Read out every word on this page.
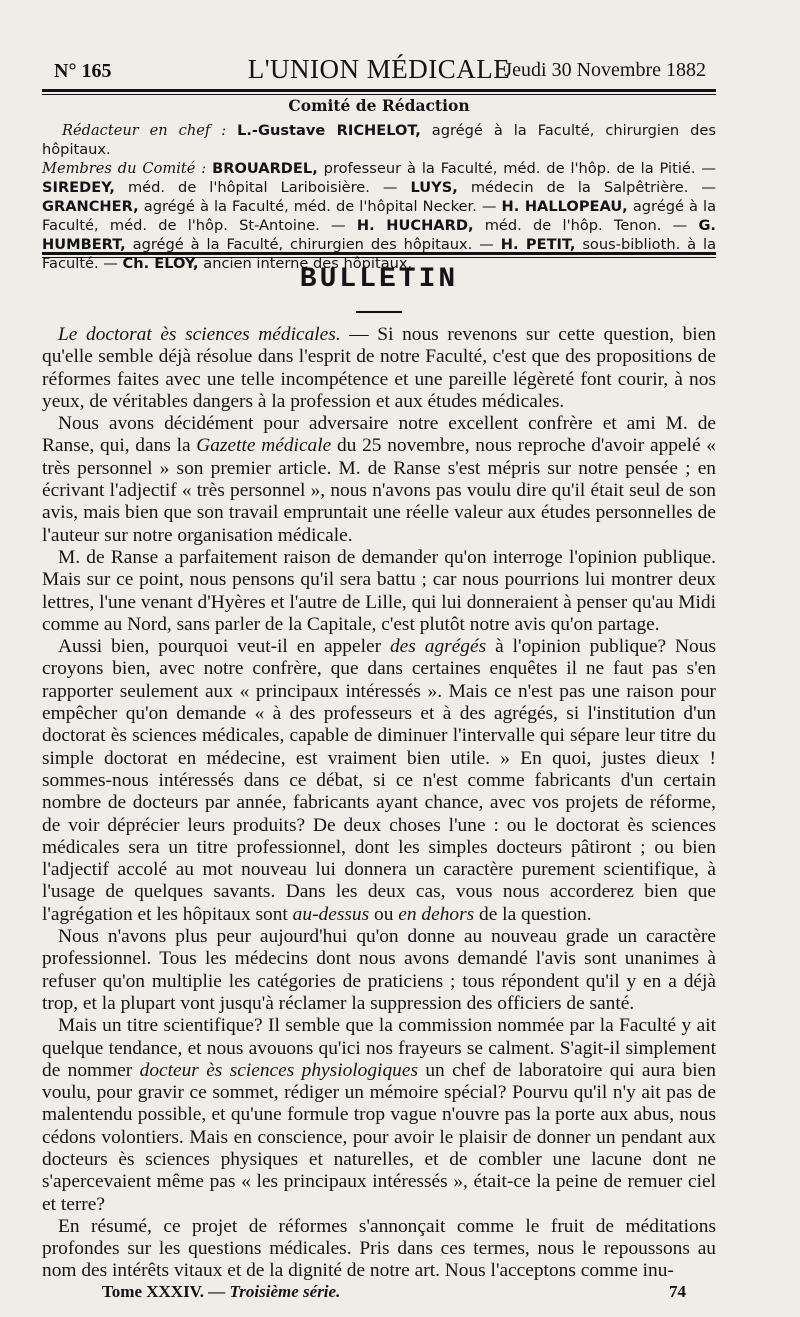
N° 165	L'UNION MÉDICALE
Jeudi 30 Novembre 1882
Comité de Rédaction

Rédacteur en chef : L.-Gustave RICHELOT, agrégé à la Faculté, chirurgien des hôpitaux.

Membres du Comité : BROUARDEL, professeur à la Faculté, méd. de l'hôp. de la Pitié. — SIREDEY, méd. de l'hôpital Lariboisière. — LUYS, médecin de la Salpêtrière. — GRANCHER, agrégé à la Faculté, méd. de l'hôpital Necker. — H. HALLOPEAU, agrégé à la Faculté, méd. de l'hôp. St-Antoine. — H. HUCHARD, méd. de l'hôp. Tenon. — G. HUMBERT, agrégé à la Faculté, chirurgien des hôpitaux. — H. PETIT, sous-biblioth. à la Faculté. — Ch. ELOY, ancien interne des hôpitaux.

BULLETIN

Le doctorat ès sciences médicales. — Si nous revenons sur cette question, bien qu'elle semble déjà résolue dans l'esprit de notre Faculté, c'est que des propositions de réformes faites avec une telle incompétence et une pareille légèreté font courir, à nos yeux, de véritables dangers à la profession et aux études médicales.

Nous avons décidément pour adversaire notre excellent confrère et ami M. de Ranse, qui, dans la Gazette médicale du 25 novembre, nous reproche d'avoir appelé « très personnel » son premier article. M. de Ranse s'est mépris sur notre pensée ; en écrivant l'adjectif « très personnel », nous n'avons pas voulu dire qu'il était seul de son avis, mais bien que son travail empruntait une réelle valeur aux études personnelles de l'auteur sur notre organisation médicale.

M. de Ranse a parfaitement raison de demander qu'on interroge l'opinion publique. Mais sur ce point, nous pensons qu'il sera battu ; car nous pourrions lui montrer deux lettres, l'une venant d'Hyères et l'autre de Lille, qui lui donneraient à penser qu'au Midi comme au Nord, sans parler de la Capitale, c'est plutôt notre avis qu'on partage.

Aussi bien, pourquoi veut-il en appeler des agrégés à l'opinion publique? Nous croyons bien, avec notre confrère, que dans certaines enquêtes il ne faut pas s'en rapporter seulement aux « principaux intéressés ». Mais ce n'est pas une raison pour empêcher qu'on demande « à des professeurs et à des agrégés, si l'institution d'un doctorat ès sciences médicales, capable de diminuer l'intervalle qui sépare leur titre du simple doctorat en médecine, est vraiment bien utile. » En quoi, justes dieux ! sommes-nous intéressés dans ce débat, si ce n'est comme fabricants d'un certain nombre de docteurs par année, fabricants ayant chance, avec vos projets de réforme, de voir déprécier leurs produits? De deux choses l'une : ou le doctorat ès sciences médicales sera un titre professionnel, dont les simples docteurs pâtiront ; ou bien l'adjectif accolé au mot nouveau lui donnera un caractère purement scientifique, à l'usage de quelques savants. Dans les deux cas, vous nous accorderez bien que l'agrégation et les hôpitaux sont au-dessus ou en dehors de la question.

Nous n'avons plus peur aujourd'hui qu'on donne au nouveau grade un caractère professionnel. Tous les médecins dont nous avons demandé l'avis sont unanimes à refuser qu'on multiplie les catégories de praticiens ; tous répondent qu'il y en a déjà trop, et la plupart vont jusqu'à réclamer la suppression des officiers de santé.

Mais un titre scientifique? Il semble que la commission nommée par la Faculté y ait quelque tendance, et nous avouons qu'ici nos frayeurs se calment. S'agit-il simplement de nommer docteur ès sciences physiologiques un chef de laboratoire qui aura bien voulu, pour gravir ce sommet, rédiger un mémoire spécial? Pourvu qu'il n'y ait pas de malentendu possible, et qu'une formule trop vague n'ouvre pas la porte aux abus, nous cédons volontiers. Mais en conscience, pour avoir le plaisir de donner un pendant aux docteurs ès sciences physiques et naturelles, et de combler une lacune dont ne s'apercevaient même pas « les principaux intéressés », était-ce la peine de remuer ciel et terre?

En résumé, ce projet de réformes s'annonçait comme le fruit de méditations profondes sur les questions médicales. Pris dans ces termes, nous le repoussons au nom des intérêts vitaux et de la dignité de notre art. Nous l'acceptons comme inu-

Tome XXXIV. — Troisième série.	74
